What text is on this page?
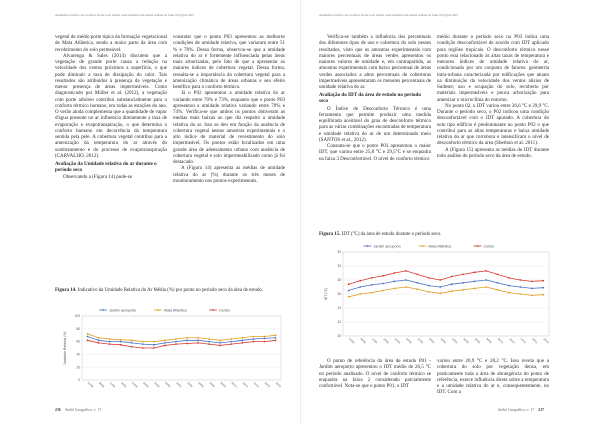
Avaliação térmica e de conforto térmico em pontos representativos da malha urbana de Jataí (GO) pelo IDT

vegetal de médio porte típica da formação vegetacional de Mata Atlântica, sendo a maior parte da área com recobrimento do solo permeável.

Alvarenga & Sales (2014) discutem que a vegetação de grande porte causa a redução na velocidade dos ventos próximos a superfície, o que pode diminuir a taxa de dissipação do calor. Tais resultados são atribuídos à presença da vegetação e menor presença de áreas impermeáveis. Como diagnosticado por Müller et al. (2012), a vegetação com porte arbóreo contribui substancialmente para o conforto térmico humano, em todas as estações do ano. O verão ainda complementa que a quantidade de vapor d'água presente no ar influencia diretamente a taxa de evaporação e evapotranspiração, o que determina o conforto humano em decorrência da temperatura sentida pela pele. A cobertura vegetal contribui para a amenização da temperatura do ar através do sombreamento e do processo de evapotranspiração (CARVALHO, 2012).

Avaliação da Umidade relativa do ar durante o período seco

Observando a (Figura 14) pode-se

constatar que o ponto P03 apresentou as melhores condições de umidade relativa, que variaram entre 51 % e 78%. Dessa forma, observou-se que a umidade relativa do ar é fortemente influenciada pelas áreas mais arborizadas, pelo fato de que a apresentar os maiores índices de cobertura vegetal. Dessa forma, ressalta-se a importância da cobertura vegetal para a amenização climática de áreas urbanas e seu efeito benéfico para o conforto térmico.

Já o P02 apresentou a umidade relativa do ar variando entre 70% e 73%, enquanto que o ponto P03 apresentou a umidade relativa variando entre 70% e 74%. Verifica-se que ambos os pontos obtiveram as medias mais baixas ao que diz respeito a umidade relativa do ar. Isso se deu em função da ausência de cobertura vegetal nestas amostras experimentais e o alto índice de material de revestimento do solo impermeável. Os pontos estão localizados em uma grande área de adensamento urbano com ausência de cobertura vegetal e solo impermeabilizado como já foi destacado.

A (Figura 14) apresenta as médias de umidade relativa do ar (%) durante os três meses de monitoramento nos pontos experimentais.

Figura 14. Indicativo da Umidade Relativa do Ar Média (%) por ponto no período seco da área de estudo.
Jardim aeroporto	Mata Atlântica	Centro
0
20
40
60
80
100
01/08	06/08	11/08	16/08	21/08	26/08	31/08	05/09	10/09	15/09	20/09	25/09	30/09	05/10	10/10	15/10	20/10	25/10
Umidade Relativa (%)
236 Ateliê Geográfico, v. 17
Avaliação térmica e de conforto térmico em pontos representativos da malha urbana de Jataí (GO) pelo IDT

Verifica-se também a influência dos percentuais dos diferentes tipos de uso e cobertura do solo nesses resultados, visto que as amostras experimentais com maiores percentuais de áreas verdes apresentou os maiores valores de umidade e, em contrapartida, as amostras experimentais com baixo percentual de áreas verdes associados a altos percentuais de coberturas impermeáveis apresentaram os menores percentuais de umidade relativa do ar.

Avaliação do IDT da área de estudo no período seco

O Índice de Desconforto Térmico é uma ferramenta que permite produzir uma medida equilibrada aceitável do grau de desconforto térmico para as várias combinações encontradas de temperatura e umidade relativa do ar de um determinado meio (SANTOS et al., 2012).

Constata-se que o ponto P03 apresentou o maior IDT, que variou entre 25,8 °C e 29,5°C e se enquadra na faixa 3 Desconfortável. O nível de conforto térmico

médio durante o período seco no P03 indica uma condição desconfortável de acordo com IDT aplicado para regiões tropicais. O desconforto térmico nesse ponto está relacionado às altas taxas de temperatura e menores índices de umidade relativa do ar, condicionado por um conjunto de fatores: geometria intra-urbana caracterizada por edificações que atuam na diminuição da velocidade dos ventos alísios de Sudeste; uso e ocupação do solo, recoberto por materiais impermeáveis e pouca arborização para amenizar o microclima do entorno.

No ponto 02, o IDT variou entre 26,6 °C e 29,9 °C. Durante o período seco, o P02 indicou uma condição desconfortável com o IDT apurado. A cobertura do solo tipo edifício é predominante no ponto P02 o que contribui para as altas temperaturas e baixa umidade relativa do ar que corrobora e intensificam o nível de desconforto térmico da área (Sherbun et al. 2011).

A (Figura 15) apresenta as médias do IDT durante todo análise do período seco da área de estudo.

Figura 15. IDT (°C) da área de estudo durante o período seco.
Jardim aeroporto	Mata Atlântica	Centro
20
22
24
26
28
30
32
01/08	06/08	11/08	16/08	21/08	26/08	31/08	05/09	10/09	15/09	20/09	25/09	30/09	05/10	10/10	15/10	20/10	25/10
IDT (°C)

O ponto de referência da área de estudo P01 - Jardim aeroporto apresentou o IDT médio de 26,5 °C no período analisado. O nível de conforto térmico se enquadra na faixa 2 considerado parcialmente confortável. Nota-se que o ponto P01, o IDT

variou entre 26,9 °C e 28,2 °C. Isso revela que a cobertura do solo por vegetação densa, em praticamente toda a área de abrangência do ponto de referência, exerce influência direta sobre a temperatura e a umidade relativa do ar e, consequentemente, no IDT. Com a

Ateliê Geográfico, v. 17 237
